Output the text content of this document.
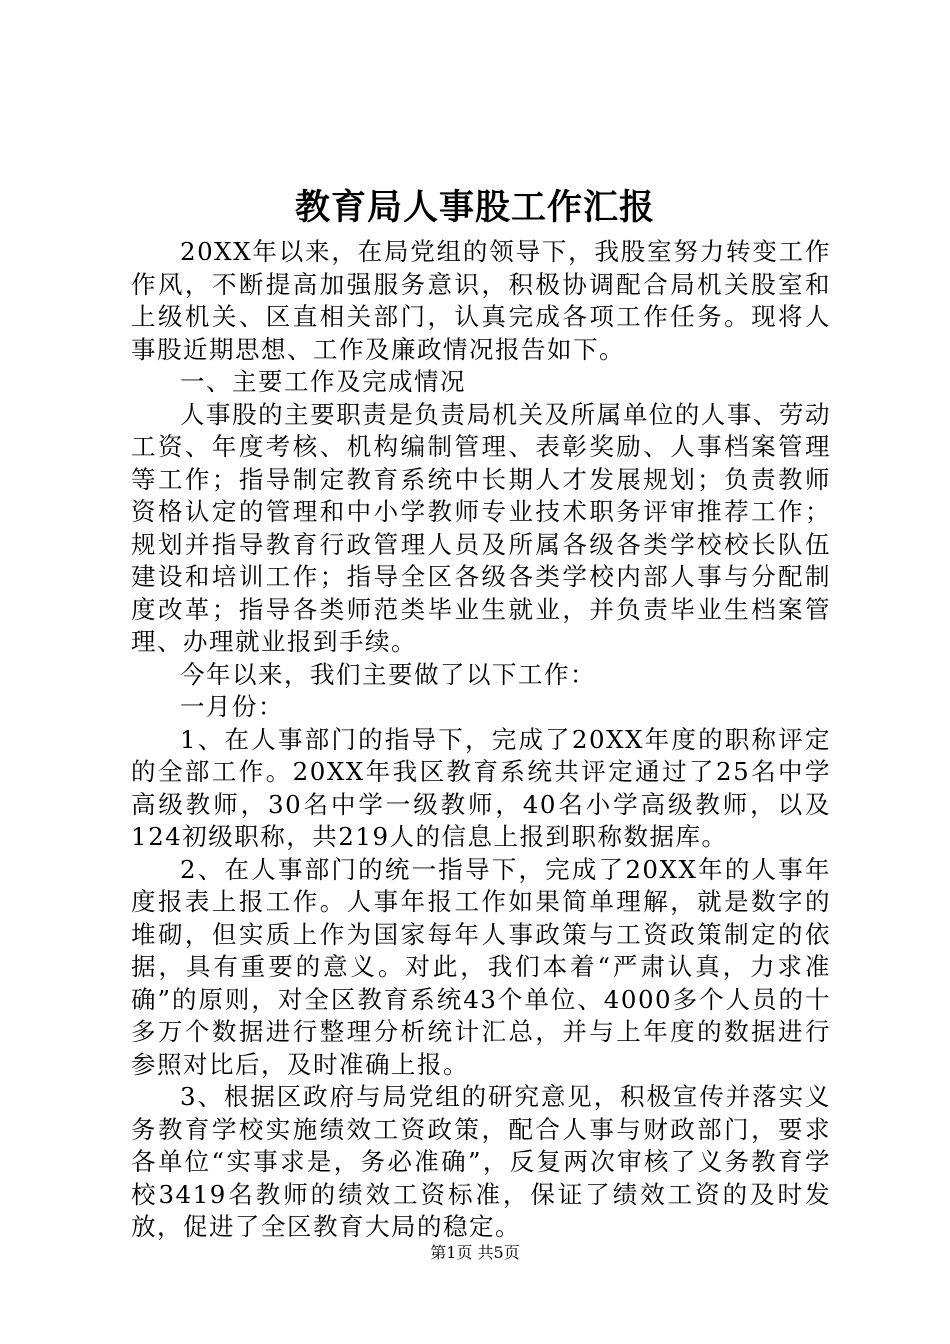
教育局人事股工作汇报

20XX年以来，在局党组的领导下，我股室努力转变工作作风，不断提高加强服务意识，积极协调配合局机关股室和上级机关、区直相关部门，认真完成各项工作任务。现将人事股近期思想、工作及廉政情况报告如下。

一、主要工作及完成情况

人事股的主要职责是负责局机关及所属单位的人事、劳动工资、年度考核、机构编制管理、表彰奖励、人事档案管理等工作；指导制定教育系统中长期人才发展规划；负责教师资格认定的管理和中小学教师专业技术职务评审推荐工作；规划并指导教育行政管理人员及所属各级各类学校校长队伍建设和培训工作；指导全区各级各类学校内部人事与分配制度改革；指导各类师范类毕业生就业，并负责毕业生档案管理、办理就业报到手续。

今年以来，我们主要做了以下工作：

一月份：

1、在人事部门的指导下，完成了20XX年度的职称评定的全部工作。20XX年我区教育系统共评定通过了25名中学高级教师，30名中学一级教师，40名小学高级教师，以及124初级职称，共219人的信息上报到职称数据库。

2、在人事部门的统一指导下，完成了20XX年的人事年度报表上报工作。人事年报工作如果简单理解，就是数字的堆砌，但实质上作为国家每年人事政策与工资政策制定的依据，具有重要的意义。对此，我们本着“严肃认真，力求准确”的原则，对全区教育系统43个单位、4000多个人员的十多万个数据进行整理分析统计汇总，并与上年度的数据进行参照对比后，及时准确上报。

3、根据区政府与局党组的研究意见，积极宣传并落实义务教育学校实施绩效工资政策，配合人事与财政部门，要求各单位“实事求是，务必准确”，反复两次审核了义务教育学校3419名教师的绩效工资标准，保证了绩效工资的及时发放，促进了全区教育大局的稳定。

第1页 共5页
